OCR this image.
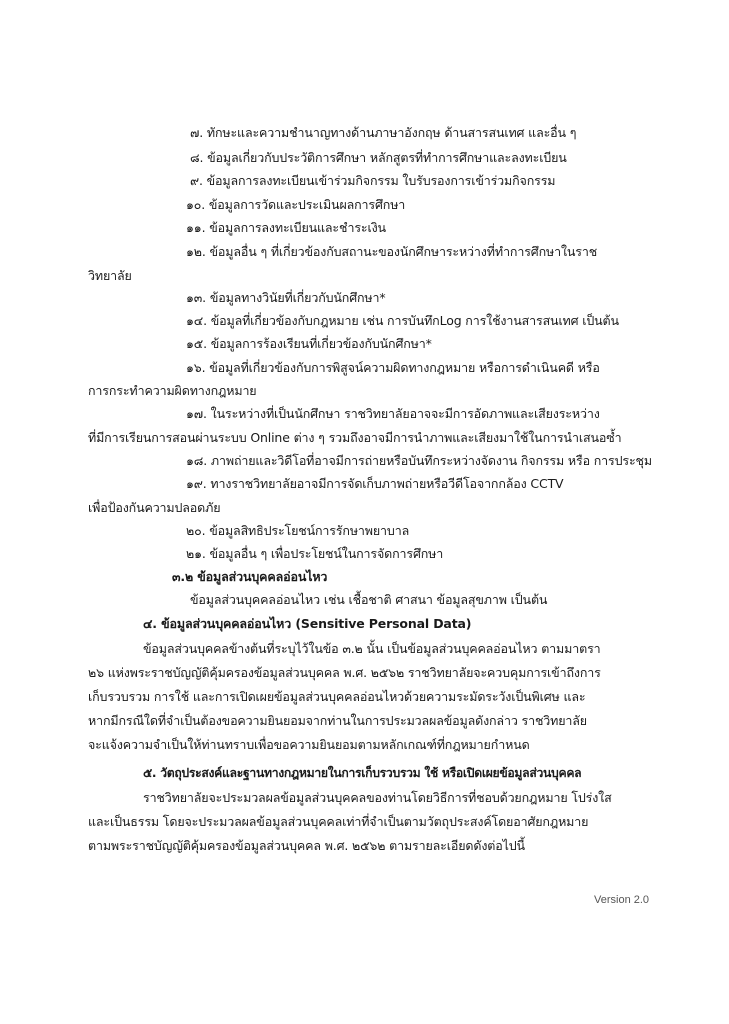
๗. ทักษะและความชำนาญทางด้านภาษาอังกฤษ ด้านสารสนเทศ และอื่น ๆ
๘. ข้อมูลเกี่ยวกับประวัติการศึกษา หลักสูตรที่ทำการศึกษาและลงทะเบียน
๙. ข้อมูลการลงทะเบียนเข้าร่วมกิจกรรม ใบรับรองการเข้าร่วมกิจกรรม
๑๐. ข้อมูลการวัดและประเมินผลการศึกษา
๑๑. ข้อมูลการลงทะเบียนและชำระเงิน
๑๒. ข้อมูลอื่น ๆ ที่เกี่ยวข้องกับสถานะของนักศึกษาระหว่างที่ทำการศึกษาในราช
วิทยาลัย
๑๓. ข้อมูลทางวินัยที่เกี่ยวกับนักศึกษา*
๑๔. ข้อมูลที่เกี่ยวข้องกับกฎหมาย เช่น การบันทึกLog การใช้งานสารสนเทศ เป็นต้น
๑๕. ข้อมูลการร้องเรียนที่เกี่ยวข้องกับนักศึกษา*
๑๖. ข้อมูลที่เกี่ยวข้องกับการพิสูจน์ความผิดทางกฎหมาย หรือการดำเนินคดี หรือ
การกระทำความผิดทางกฎหมาย
๑๗. ในระหว่างที่เป็นนักศึกษา ราชวิทยาลัยอาจจะมีการอัดภาพและเสียงระหว่าง
ที่มีการเรียนการสอนผ่านระบบ Online ต่าง ๆ รวมถึงอาจมีการนำภาพและเสียงมาใช้ในการนำเสนอซ้ำ
๑๘. ภาพถ่ายและวิดีโอที่อาจมีการถ่ายหรือบันทึกระหว่างจัดงาน กิจกรรม หรือ การประชุม
๑๙. ทางราชวิทยาลัยอาจมีการจัดเก็บภาพถ่ายหรือวีดีโอจากกล้อง CCTV
เพื่อป้องกันความปลอดภัย
๒๐. ข้อมูลสิทธิประโยชน์การรักษาพยาบาล
๒๑. ข้อมูลอื่น ๆ เพื่อประโยชน์ในการจัดการศึกษา
๓.๒ ข้อมูลส่วนบุคคลอ่อนไหว
ข้อมูลส่วนบุคคลอ่อนไหว เช่น เชื้อชาติ ศาสนา ข้อมูลสุขภาพ เป็นต้น
๔. ข้อมูลส่วนบุคคลอ่อนไหว (Sensitive Personal Data)
ข้อมูลส่วนบุคคลข้างต้นที่ระบุไว้ในข้อ ๓.๒ นั้น เป็นข้อมูลส่วนบุคคลอ่อนไหว ตามมาตรา
๒๖ แห่งพระราชบัญญัติคุ้มครองข้อมูลส่วนบุคคล พ.ศ. ๒๕๖๒ ราชวิทยาลัยจะควบคุมการเข้าถึงการ
เก็บรวบรวม การใช้ และการเปิดเผยข้อมูลส่วนบุคคลอ่อนไหวด้วยความระมัดระวังเป็นพิเศษ และ
หากมีกรณีใดที่จำเป็นต้องขอความยินยอมจากท่านในการประมวลผลข้อมูลดังกล่าว ราชวิทยาลัย
จะแจ้งความจำเป็นให้ท่านทราบเพื่อขอความยินยอมตามหลักเกณฑ์ที่กฎหมายกำหนด
๕. วัตถุประสงค์และฐานทางกฎหมายในการเก็บรวบรวม ใช้ หรือเปิดเผยข้อมูลส่วนบุคคล
ราชวิทยาลัยจะประมวลผลข้อมูลส่วนบุคคลของท่านโดยวิธีการที่ชอบด้วยกฎหมาย โปร่งใส
และเป็นธรรม โดยจะประมวลผลข้อมูลส่วนบุคคลเท่าที่จำเป็นตามวัตถุประสงค์โดยอาศัยกฎหมาย
ตามพระราชบัญญัติคุ้มครองข้อมูลส่วนบุคคล พ.ศ. ๒๕๖๒ ตามรายละเอียดดังต่อไปนี้
Version 2.0
